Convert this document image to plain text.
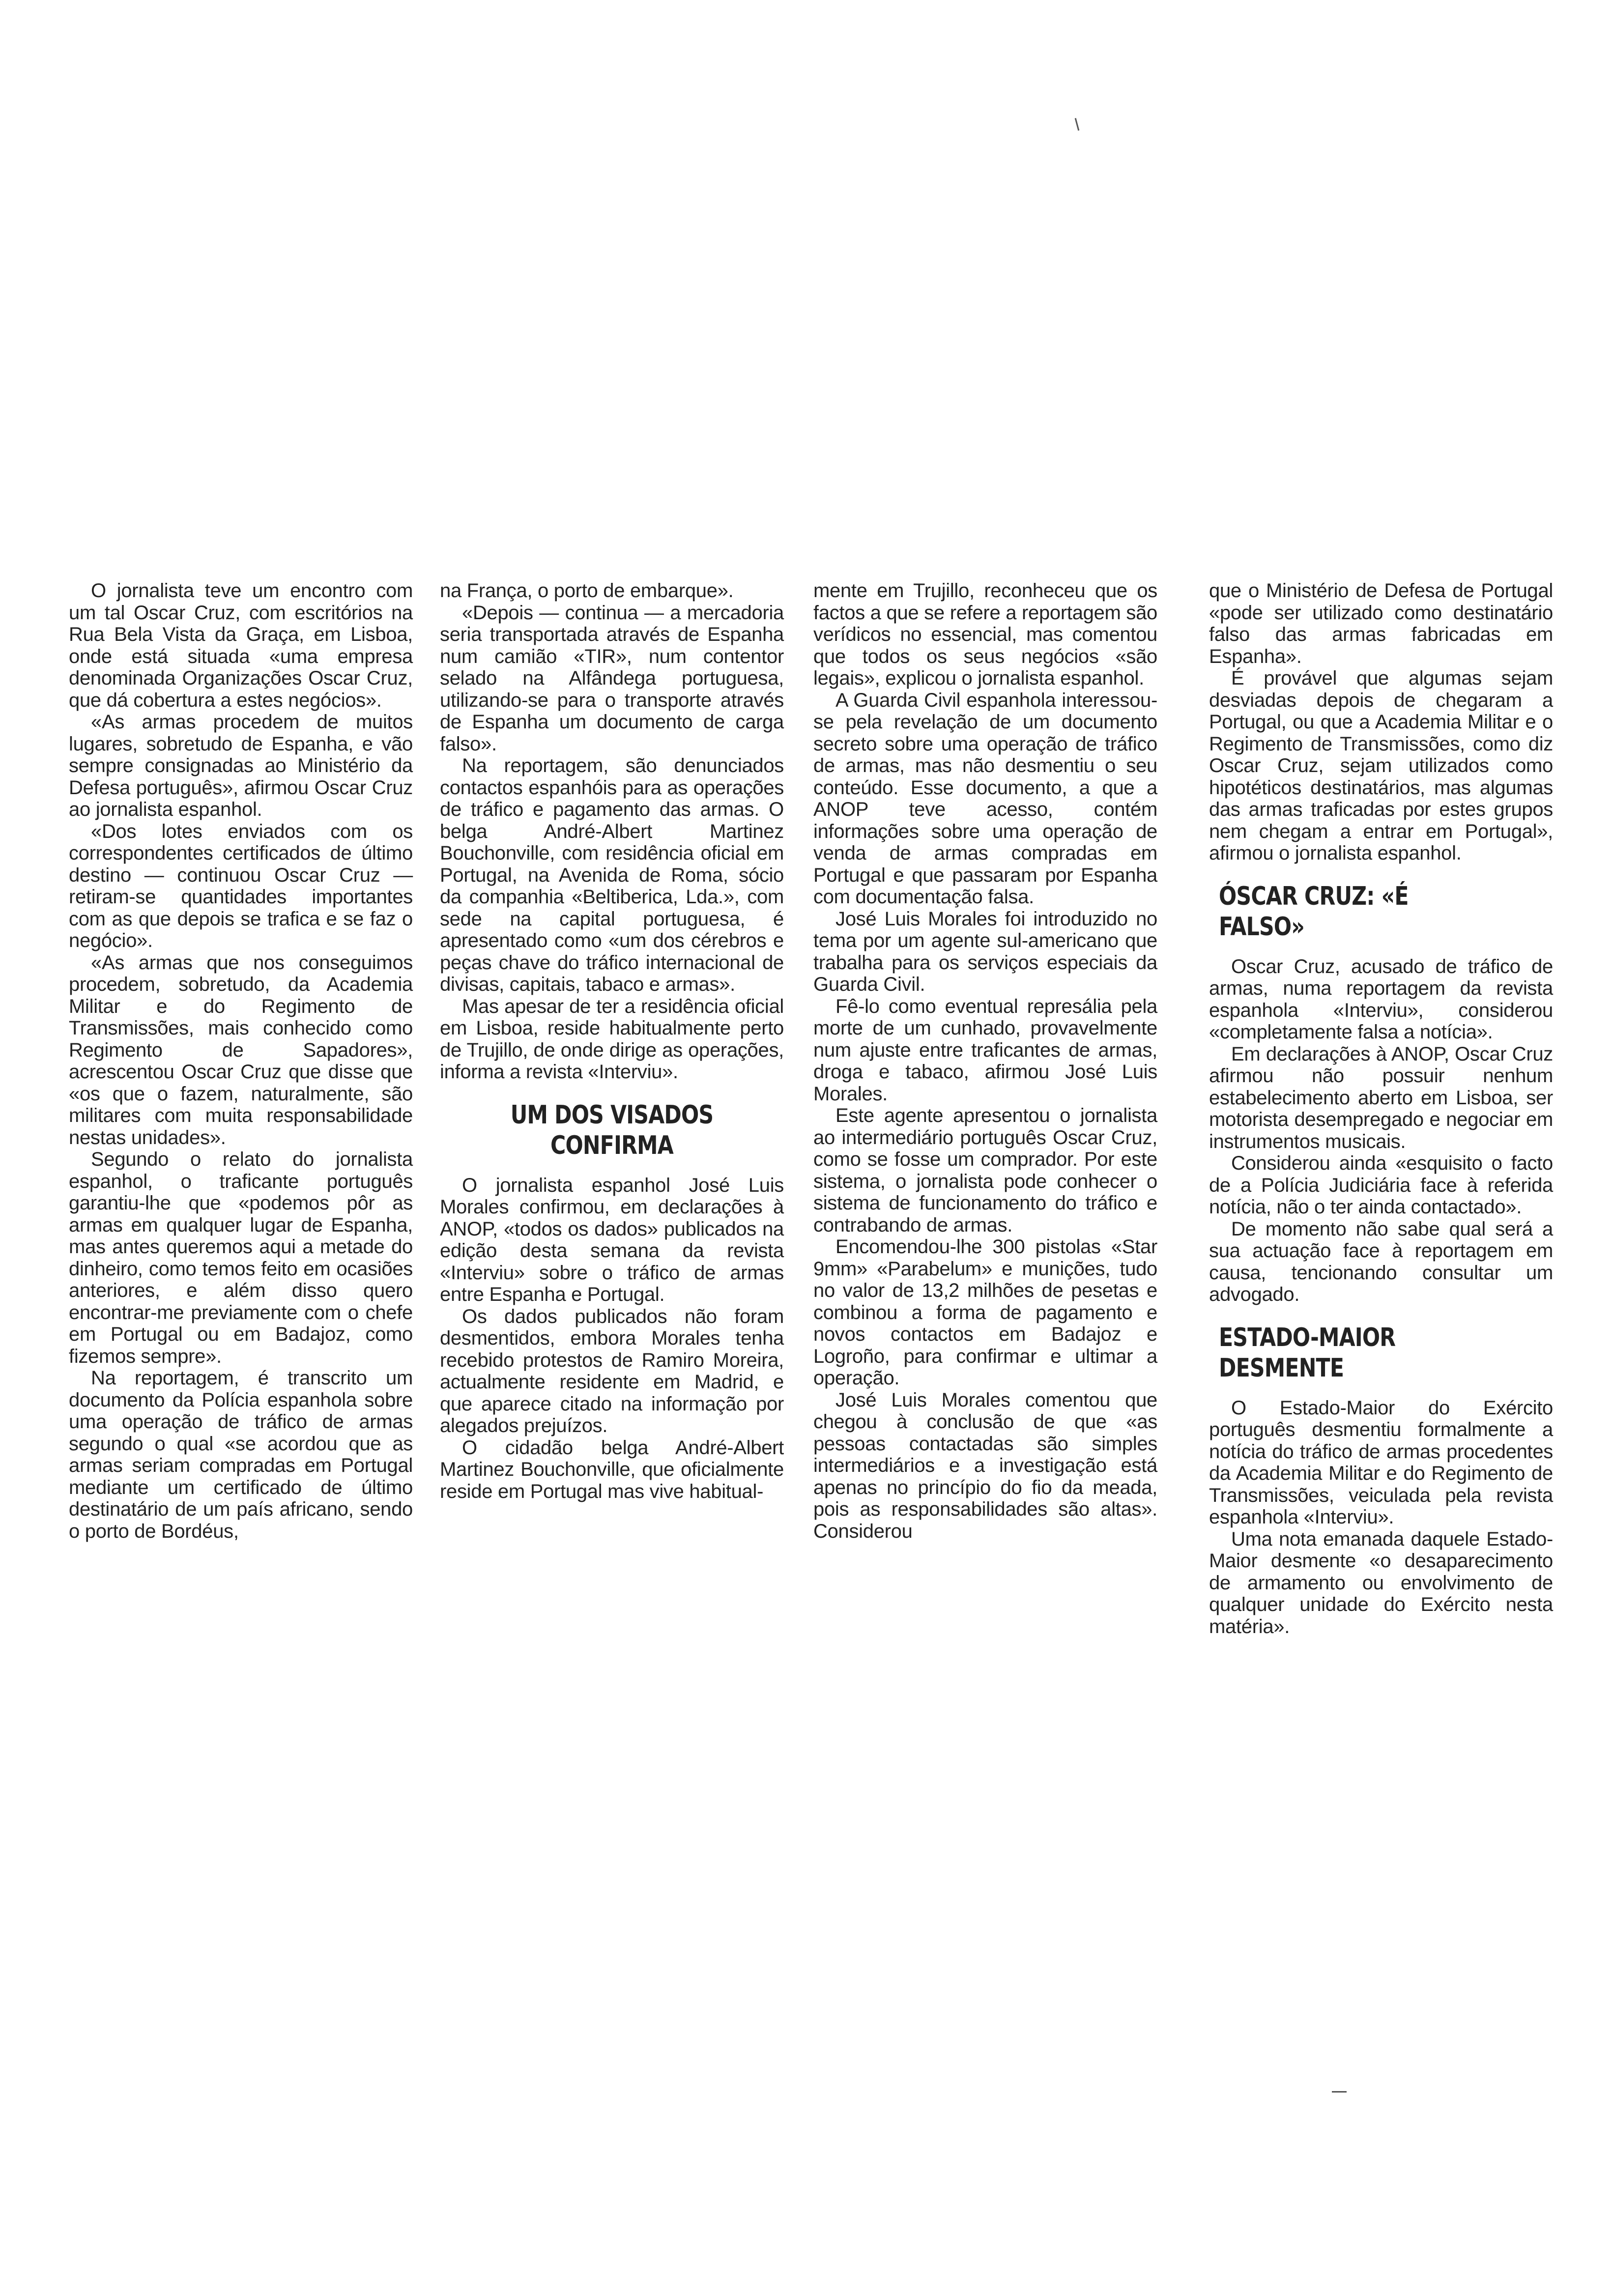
O jornalista teve um encontro com um tal Oscar Cruz, com escritórios na Rua Bela Vista da Graça, em Lisboa, onde está situada «uma empresa denominada Organizações Oscar Cruz, que dá cobertura a estes negócios».

«As armas procedem de muitos lugares, sobretudo de Espanha, e vão sempre consignadas ao Ministério da Defesa português», afirmou Oscar Cruz ao jornalista espanhol.

«Dos lotes enviados com os correspondentes certificados de último destino — continuou Oscar Cruz — retiram-se quantidades importantes com as que depois se trafica e se faz o negócio».

«As armas que nos conseguimos procedem, sobretudo, da Academia Militar e do Regimento de Transmissões, mais conhecido como Regimento de Sapadores», acrescentou Oscar Cruz que disse que «os que o fazem, naturalmente, são militares com muita responsabilidade nestas unidades».

Segundo o relato do jornalista espanhol, o traficante português garantiu-lhe que «podemos pôr as armas em qualquer lugar de Espanha, mas antes queremos aqui a metade do dinheiro, como temos feito em ocasiões anteriores, e além disso quero encontrar-me previamente com o chefe em Portugal ou em Badajoz, como fizemos sempre».

Na reportagem, é transcrito um documento da Polícia espanhola sobre uma operação de tráfico de armas segundo o qual «se acordou que as armas seriam compradas em Portugal mediante um certificado de último destinatário de um país africano, sendo o porto de Bordéus,

na França, o porto de embarque».

«Depois — continua — a mercadoria seria transportada através de Espanha num camião «TIR», num contentor selado na Alfândega portuguesa, utilizando-se para o transporte através de Espanha um documento de carga falso».

Na reportagem, são denunciados contactos espanhóis para as operações de tráfico e pagamento das armas. O belga André-Albert Martinez Bouchonville, com residência oficial em Portugal, na Avenida de Roma, sócio da companhia «Beltiberica, Lda.», com sede na capital portuguesa, é apresentado como «um dos cérebros e peças chave do tráfico internacional de divisas, capitais, tabaco e armas».

Mas apesar de ter a residência oficial em Lisboa, reside habitualmente perto de Trujillo, de onde dirige as operações, informa a revista «Interviu».

UM DOS VISADOS CONFIRMA

O jornalista espanhol José Luis Morales confirmou, em declarações à ANOP, «todos os dados» publicados na edição desta semana da revista «Interviu» sobre o tráfico de armas entre Espanha e Portugal.

Os dados publicados não foram desmentidos, embora Morales tenha recebido protestos de Ramiro Moreira, actualmente residente em Madrid, e que aparece citado na informação por alegados prejuízos.

O cidadão belga André-Albert Martinez Bouchonville, que oficialmente reside em Portugal mas vive habitual-

mente em Trujillo, reconheceu que os factos a que se refere a reportagem são verídicos no essencial, mas comentou que todos os seus negócios «são legais», explicou o jornalista espanhol.

A Guarda Civil espanhola interessou-se pela revelação de um documento secreto sobre uma operação de tráfico de armas, mas não desmentiu o seu conteúdo. Esse documento, a que a ANOP teve acesso, contém informações sobre uma operação de venda de armas compradas em Portugal e que passaram por Espanha com documentação falsa.

José Luis Morales foi introduzido no tema por um agente sul-americano que trabalha para os serviços especiais da Guarda Civil.

Fê-lo como eventual represália pela morte de um cunhado, provavelmente num ajuste entre traficantes de armas, droga e tabaco, afirmou José Luis Morales.

Este agente apresentou o jornalista ao intermediário português Oscar Cruz, como se fosse um comprador. Por este sistema, o jornalista pode conhecer o sistema de funcionamento do tráfico e contrabando de armas.

Encomendou-lhe 300 pistolas «Star 9mm» «Parabelum» e munições, tudo no valor de 13,2 milhões de pesetas e combinou a forma de pagamento e novos contactos em Badajoz e Logroño, para confirmar e ultimar a operação.

José Luis Morales comentou que chegou à conclusão de que «as pessoas contactadas são simples intermediários e a investigação está apenas no princípio do fio da meada, pois as responsabilidades são altas». Considerou

que o Ministério de Defesa de Portugal «pode ser utilizado como destinatário falso das armas fabricadas em Espanha».

É provável que algumas sejam desviadas depois de chegaram a Portugal, ou que a Academia Militar e o Regimento de Transmissões, como diz Oscar Cruz, sejam utilizados como hipotéticos destinatários, mas algumas das armas traficadas por estes grupos nem chegam a entrar em Portugal», afirmou o jornalista espanhol.

ÓSCAR CRUZ: «É FALSO»

Oscar Cruz, acusado de tráfico de armas, numa reportagem da revista espanhola «Interviu», considerou «completamente falsa a notícia».

Em declarações à ANOP, Oscar Cruz afirmou não possuir nenhum estabelecimento aberto em Lisboa, ser motorista desempregado e negociar em instrumentos musicais.

Considerou ainda «esquisito o facto de a Polícia Judiciária face à referida notícia, não o ter ainda contactado».

De momento não sabe qual será a sua actuação face à reportagem em causa, tencionando consultar um advogado.

ESTADO-MAIOR DESMENTE

O Estado-Maior do Exército português desmentiu formalmente a notícia do tráfico de armas procedentes da Academia Militar e do Regimento de Transmissões, veiculada pela revista espanhola «Interviu».

Uma nota emanada daquele Estado-Maior desmente «o desaparecimento de armamento ou envolvimento de qualquer unidade do Exército nesta matéria».
